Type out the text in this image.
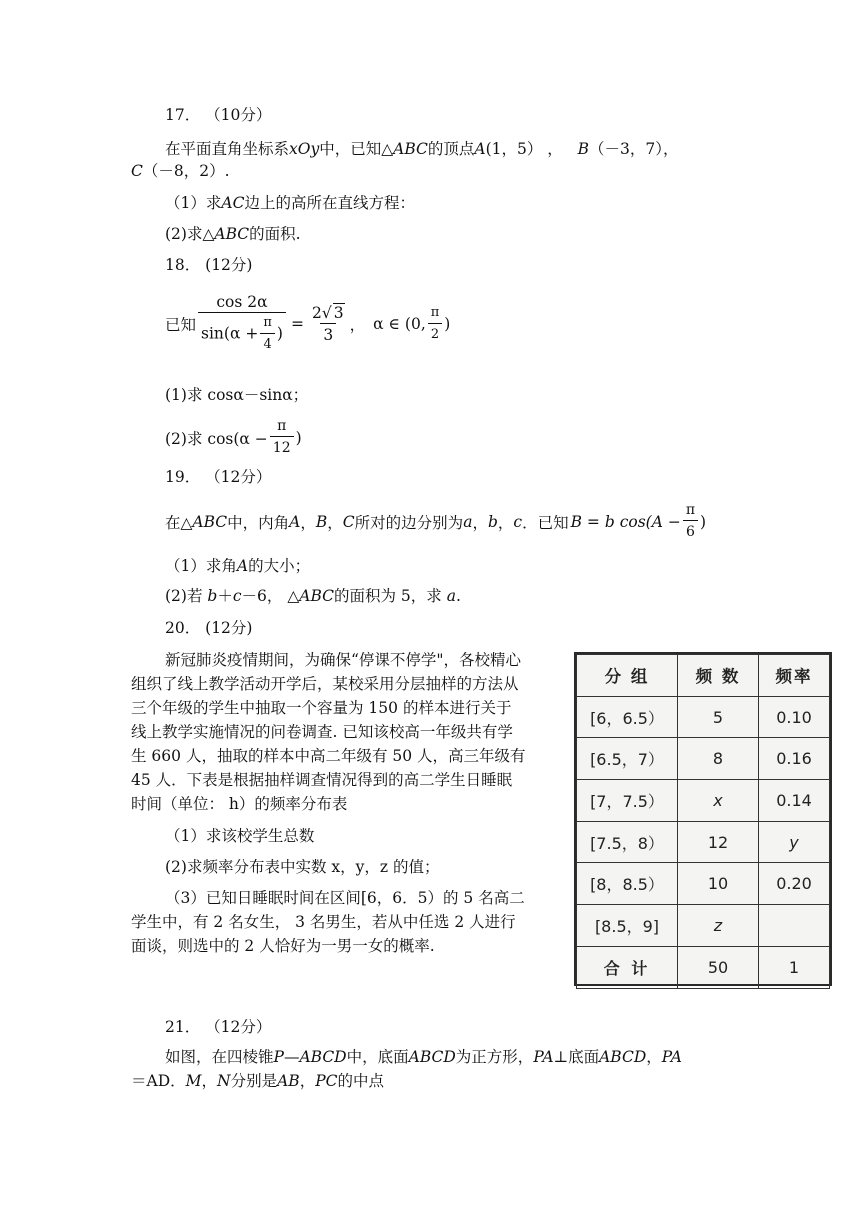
17． （10分）
在平面直角坐标系xOy中，已知△ABC的顶点A(1，5） ， B（－3，7），
C（－8，2）.
（1）求AC边上的高所在直线方程：
(2)求△ABC的面积.
18． (12分)
已知 $\frac{\cos 2\alpha}{\sin(\alpha + \frac{\pi}{4} )} = \frac{2√ 3}{3}$ ， α ∈ (0, $\frac{\pi}{2}$ )
(1)求 cosα－sinα；
(2)求 $\cos(\alpha - \frac{\pi}{12}$ )
19． （12分）
在△ ABC 中，内角 A ， B ， C 所对的边分别为 a ， b ， c ．已知 B = b $\cos(A - \frac{\pi}{6}$ )
（1）求角A的大小；
(2)若 b＋c－6， △ABC的面积为 5，求 a.
20． (12分)
新冠肺炎疫情期间，为确保“停课不停学"，各校精心
组织了线上教学活动开学后，某校采用分层抽样的方法从
三个年级的学生中抽取一个容量为 150 的样本进行关于
线上教学实施情况的问卷调查. 已知该校高一年级共有学
生 660 人，抽取的样本中高二年级有 50 人，高三年级有
45 人．下表是根据抽样调查情况得到的高二学生日睡眠
时间（单位： h）的频率分布表
（1）求该校学生总数
(2)求频率分布表中实数 x，y，z 的值；
（3）已知日睡眠时间在区间[6，6．5）的 5 名高二
学生中，有 2 名女生， 3 名男生，若从中任选 2 人进行
面谈，则选中的 2 人恰好为一男一女的概率.
分 组	频 数	频率
[6，6.5）	5	0.10
[6.5，7）	8	0.16
[7，7.5）	x	0.14
[7.5，8）	12	y
[8，8.5）	10	0.20
[8.5，9]	z	
合 计	50	1
21． （12分）
如图，在四棱锥P—ABCD中，底面ABCD为正方形，PA⊥底面ABCD，PA
＝AD．M，N分别是AB，PC的中点
